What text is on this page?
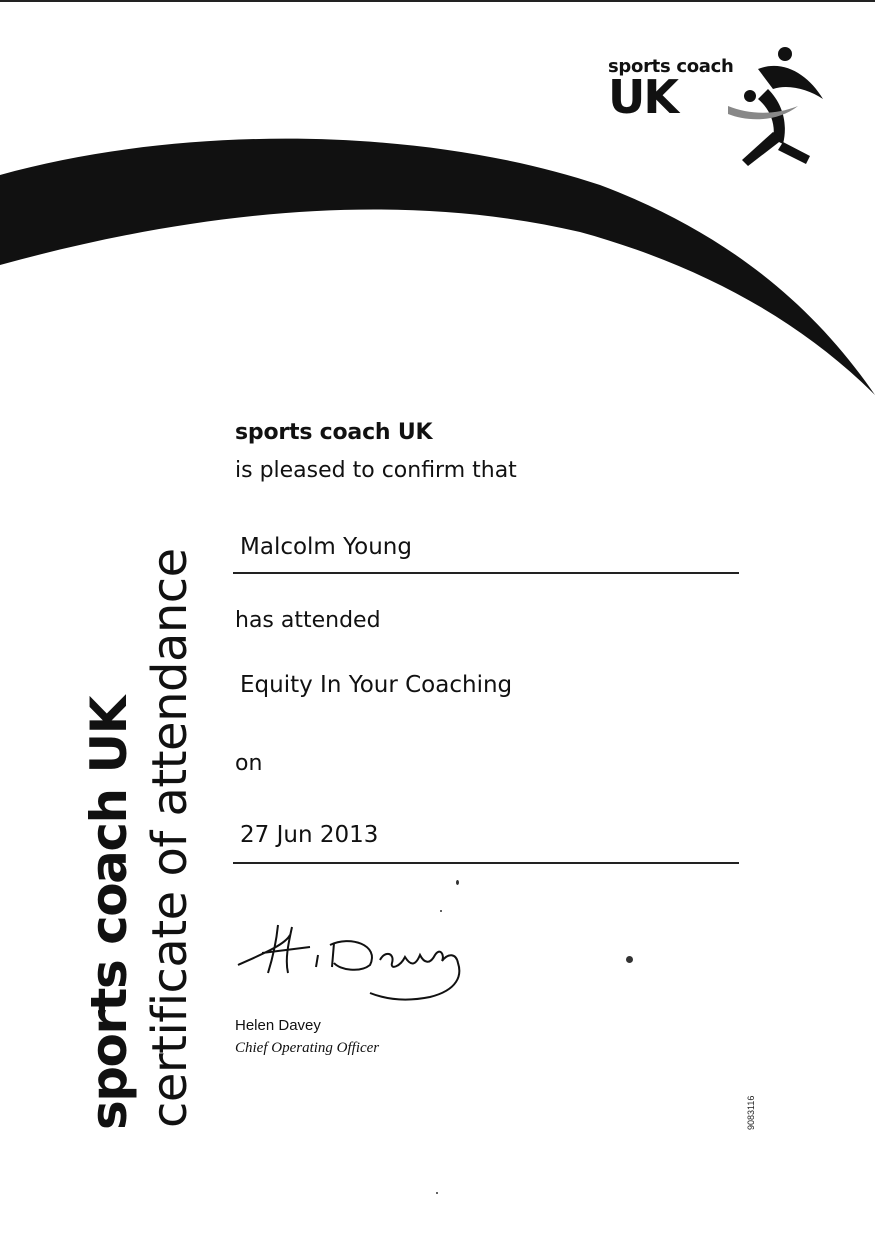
sports coach
UK
sports coach UK
is pleased to confirm that
Malcolm Young
has attended
Equity In Your Coaching
on
27 Jun 2013
Helen Davey
Chief Operating Officer
sports coach UK certificate of attendance	9083116
